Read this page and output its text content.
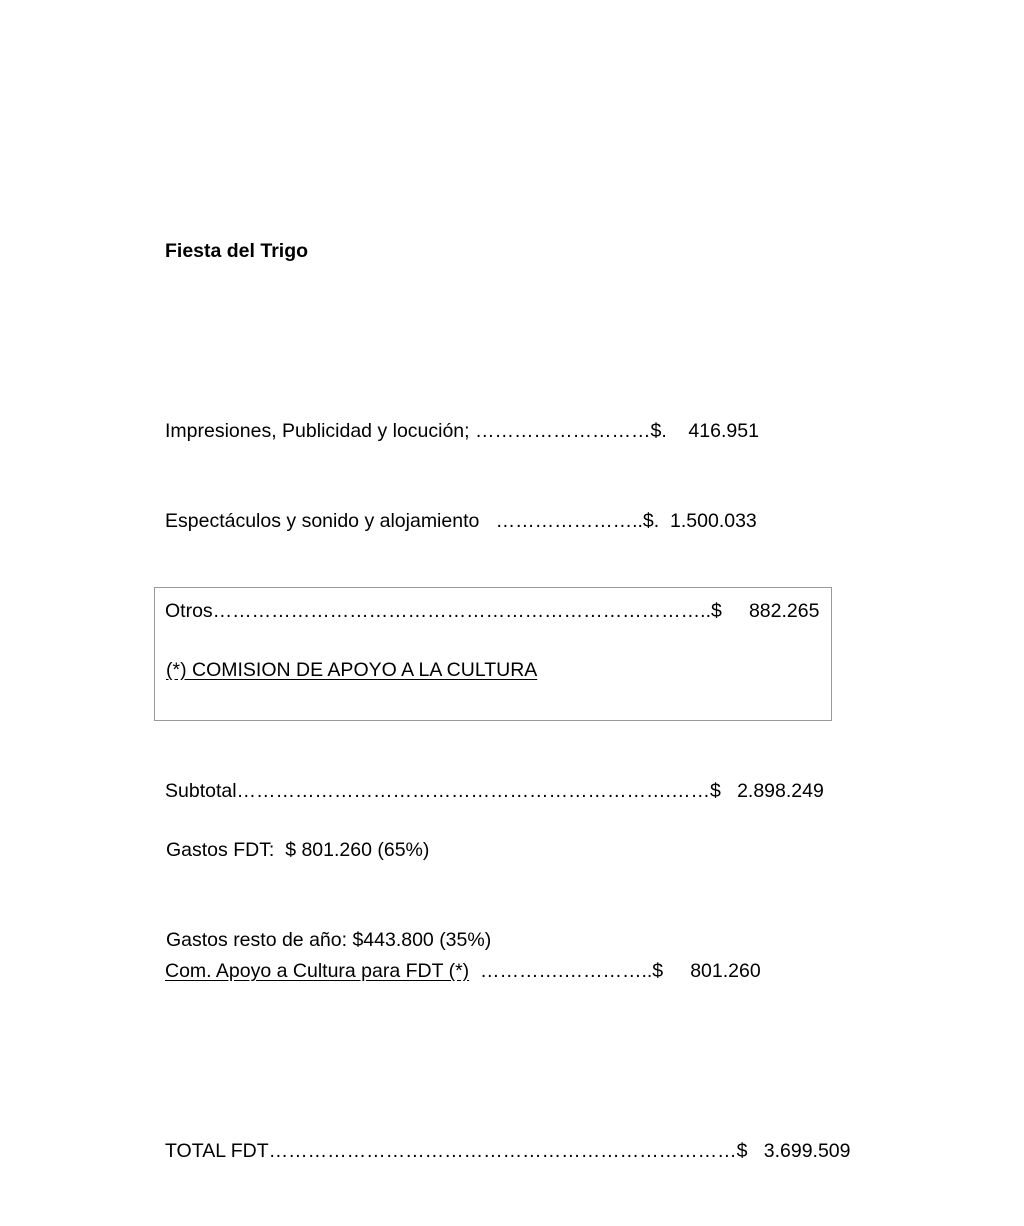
Fiesta del Trigo

Impresiones, Publicidad y locución; ………………………$.    416.951

Espectáculos y sonido y alojamiento   …………………..$.  1.500.033

Otros…………………………………………………………………..$     882.265

Subtotal………………………………………………………….……$   2.898.249

Com. Apoyo a Cultura para FDT (*)  ………….…………..$     801.260

TOTAL FDT………………………………………………………………$   3.699.509

(*) COMISION DE APOYO A LA CULTURA

Gastos FDT:  $ 801.260 (65%)

Gastos resto de año: $443.800 (35%)
